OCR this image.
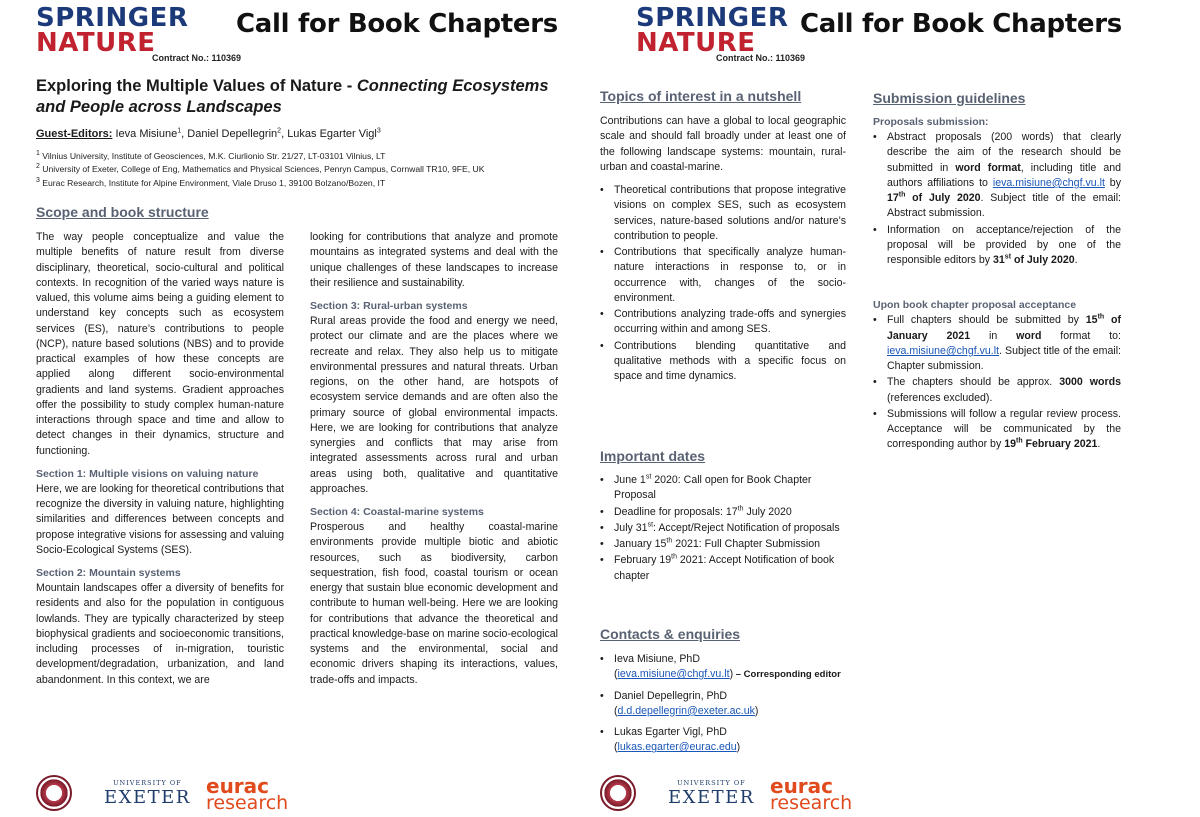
SPRINGER
NATURE
Contract No.: 110369
Call for Book Chapters
Exploring the Multiple Values of Nature - Connecting Ecosystems and People across Landscapes
Guest-Editors: Ieva Misiune$^1$, Daniel Depellegrin$^2$, Lukas Egarter Vigl$^3$
$^1$ Vilnius University, Institute of Geosciences, M.K. Ciurlionio Str. 21/27, LT-03101 Vilnius, LT
$^2$ University of Exeter, College of Eng, Mathematics and Physical Sciences, Penryn Campus, Cornwall TR10, 9FE, UK
$^3$ Eurac Research, Institute for Alpine Environment, Viale Druso 1, 39100 Bolzano/Bozen, IT
Scope and book structure

The way people conceptualize and value the multiple benefits of nature result from diverse disciplinary, theoretical, socio-cultural and political contexts. In recognition of the varied ways nature is valued, this volume aims being a guiding element to understand key concepts such as ecosystem services (ES), nature’s contributions to people (NCP), nature based solutions (NBS) and to provide practical examples of how these concepts are applied along different socio-environmental gradients and land systems. Gradient approaches offer the possibility to study complex human-nature interactions through space and time and allow to detect changes in their dynamics, structure and functioning.

Section 1: Multiple visions on valuing nature

Here, we are looking for theoretical contributions that recognize the diversity in valuing nature, highlighting similarities and differences between concepts and propose integrative visions for assessing and valuing Socio-Ecological Systems (SES).

Section 2: Mountain systems

Mountain landscapes offer a diversity of benefits for residents and also for the population in contiguous lowlands. They are typically characterized by steep biophysical gradients and socioeconomic transitions, including processes of in-migration, touristic development/degradation, urbanization, and land abandonment. In this context, we are

looking for contributions that analyze and promote mountains as integrated systems and deal with the unique challenges of these landscapes to increase their resilience and sustainability.

Section 3: Rural-urban systems

Rural areas provide the food and energy we need, protect our climate and are the places where we recreate and relax. They also help us to mitigate environmental pressures and natural threats. Urban regions, on the other hand, are hotspots of ecosystem service demands and are often also the primary source of global environmental impacts. Here, we are looking for contributions that analyze synergies and conflicts that may arise from integrated assessments across rural and urban areas using both, qualitative and quantitative approaches.

Section 4: Coastal-marine systems

Prosperous and healthy coastal-marine environments provide multiple biotic and abiotic resources, such as biodiversity, carbon sequestration, fish food, coastal tourism or ocean energy that sustain blue economic development and contribute to human well-being. Here we are looking for contributions that advance the theoretical and practical knowledge-base on marine socio-ecological systems and the environmental, social and economic drivers shaping its interactions, values, trade-offs and impacts.

UNIVERSITY OF
EXETER eurac
research
SPRINGER
NATURE
Contract No.: 110369
Call for Book Chapters
Topics of interest in a nutshell

Contributions can have a global to local geographic scale and should fall broadly under at least one of the following landscape systems: mountain, rural-urban and coastal-marine.

• Theoretical contributions that propose integrative visions on complex SES, such as ecosystem services, nature-based solutions and/or nature’s contribution to people.
• Contributions that specifically analyze human-nature interactions in response to, or in occurrence with, changes of the socio-environment.
• Contributions analyzing trade-offs and synergies occurring within and among SES.
• Contributions blending quantitative and qualitative methods with a specific focus on space and time dynamics.
Important dates
• June 1st 2020: Call open for Book Chapter Proposal
• Deadline for proposals: 17th July 2020
• July 31st: Accept/Reject Notification of proposals
• January 15th 2021: Full Chapter Submission
• February 19th 2021: Accept Notification of book chapter
Contacts & enquiries
• Ieva Misiune, PhD
(ieva.misiune@chgf.vu.lt) – Corresponding editor
• Daniel Depellegrin, PhD
(d.d.depellegrin@exeter.ac.uk)
• Lukas Egarter Vigl, PhD
(lukas.egarter@eurac.edu)
Submission guidelines
Proposals submission:
• Abstract proposals (200 words) that clearly describe the aim of the research should be submitted in word format, including title and authors affiliations to ieva.misiune@chgf.vu.lt by 17th of July 2020. Subject title of the email: Abstract submission.
• Information on acceptance/rejection of the proposal will be provided by one of the responsible editors by 31st of July 2020.
Upon book chapter proposal acceptance
• Full chapters should be submitted by 15th of January 2021 in word format to: ieva.misiune@chgf.vu.lt. Subject title of the email: Chapter submission.
• The chapters should be approx. 3000 words (references excluded).
• Submissions will follow a regular review process. Acceptance will be communicated by the corresponding author by 19th February 2021.
UNIVERSITY OF
EXETER eurac
research
